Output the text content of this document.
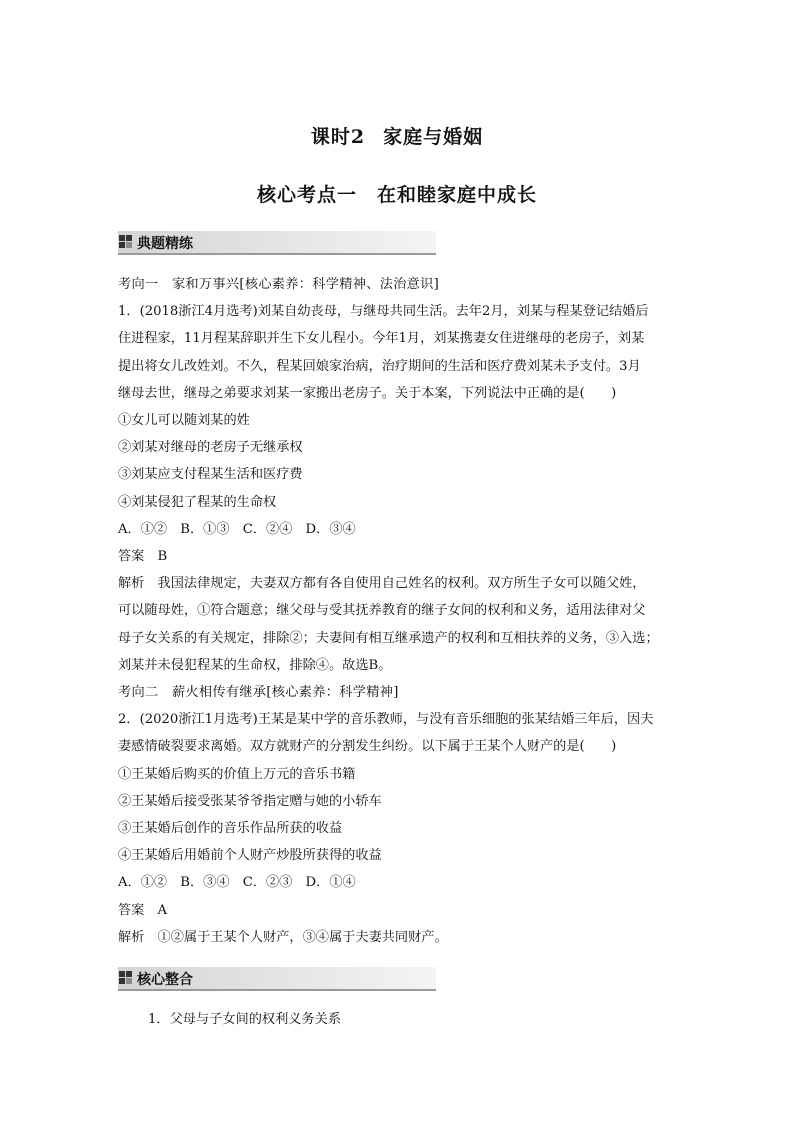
课时2 家庭与婚姻
核心考点一　在和睦家庭中成长
典题精练

考向一　家和万事兴[核心素养：科学精神、法治意识]

1．(2018浙江4月选考)刘某自幼丧母，与继母共同生活。去年2月，刘某与程某登记结婚后

住进程家，11月程某辞职并生下女儿程小。今年1月，刘某携妻女住进继母的老房子，刘某

提出将女儿改姓刘。不久，程某回娘家治病，治疗期间的生活和医疗费刘某未予支付。3月

继母去世，继母之弟要求刘某一家搬出老房子。关于本案，下列说法中正确的是(　　)

①女儿可以随刘某的姓

②刘某对继母的老房子无继承权

③刘某应支付程某生活和医疗费

④刘某侵犯了程某的生命权

A．①②　B．①③　C．②④　D．③④

答案　B

解析　我国法律规定，夫妻双方都有各自使用自己姓名的权利。双方所生子女可以随父姓，

可以随母姓，①符合题意；继父母与受其抚养教育的继子女间的权利和义务，适用法律对父

母子女关系的有关规定，排除②；夫妻间有相互继承遗产的权利和互相扶养的义务，③入选；

刘某并未侵犯程某的生命权，排除④。故选B。

考向二　薪火相传有继承[核心素养：科学精神]

2．(2020浙江1月选考)王某是某中学的音乐教师，与没有音乐细胞的张某结婚三年后，因夫

妻感情破裂要求离婚。双方就财产的分割发生纠纷。以下属于王某个人财产的是(　　)

①王某婚后购买的价值上万元的音乐书籍

②王某婚后接受张某爷爷指定赠与她的小轿车

③王某婚后创作的音乐作品所获的收益

④王某婚后用婚前个人财产炒股所获得的收益

A．①②　B．③④　C．②③　D．①④

答案　A

解析　①②属于王某个人财产，③④属于夫妻共同财产。

核心整合
1．父母与子女间的权利义务关系
